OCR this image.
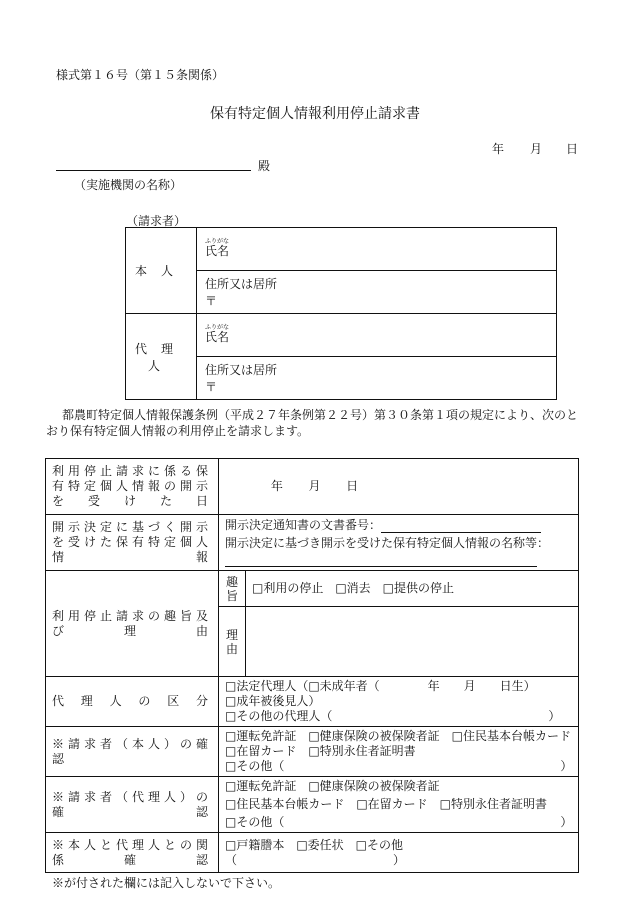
様式第１６号（第１５条関係）
保有特定個人情報利用停止請求書
年 月 日
殿
（実施機関の名称）
（請求者）
本人	ふりがな
氏名

	住所又は居所
〒

代理人	ふりがな
氏名

	住所又は居所
〒
都農町特定個人情報保護条例（平成２７年条例第２２号）第３０条第１項の規定により、次のと
おり保有特定個人情報の利用停止を請求します。
利用停止請求に係る保有特定個人情報の開示を受けた日	年 月 日	
開示決定に基づく開示を受けた保有特定個人情報	開示決定通知書の文書番号：
開示決定に基づき開示を受けた保有特定個人情報の名称等：	

利用停止請求の趣旨及び理由	趣旨	□利用の停止　□消去　□提供の停止
	理由	
代理人の区分	□法定代理人（□未成年者（　　　　年　　月　　日生）
□成年被後見人）
□その他の代理人（　　　　　　　　　　　　　　　　　　）	

※請求者（本人）の確認	□運転免許証　□健康保険の被保険者証　□住民基本台帳カード
□在留カード　□特別永住者証明書
□その他（　　　　　　　　　　　　　　　　　　　　　　　）	

※請求者（代理人）の確認	□運転免許証　□健康保険の被保険者証
□住民基本台帳カード　□在留カード　□特別永住者証明書
□その他（　　　　　　　　　　　　　　　　　　　　　　　）	

※本人と代理人との関係確認	□戸籍謄本　□委任状　□その他（　　　　　　　　　　　　　）	
※が付された欄には記入しないで下さい。
